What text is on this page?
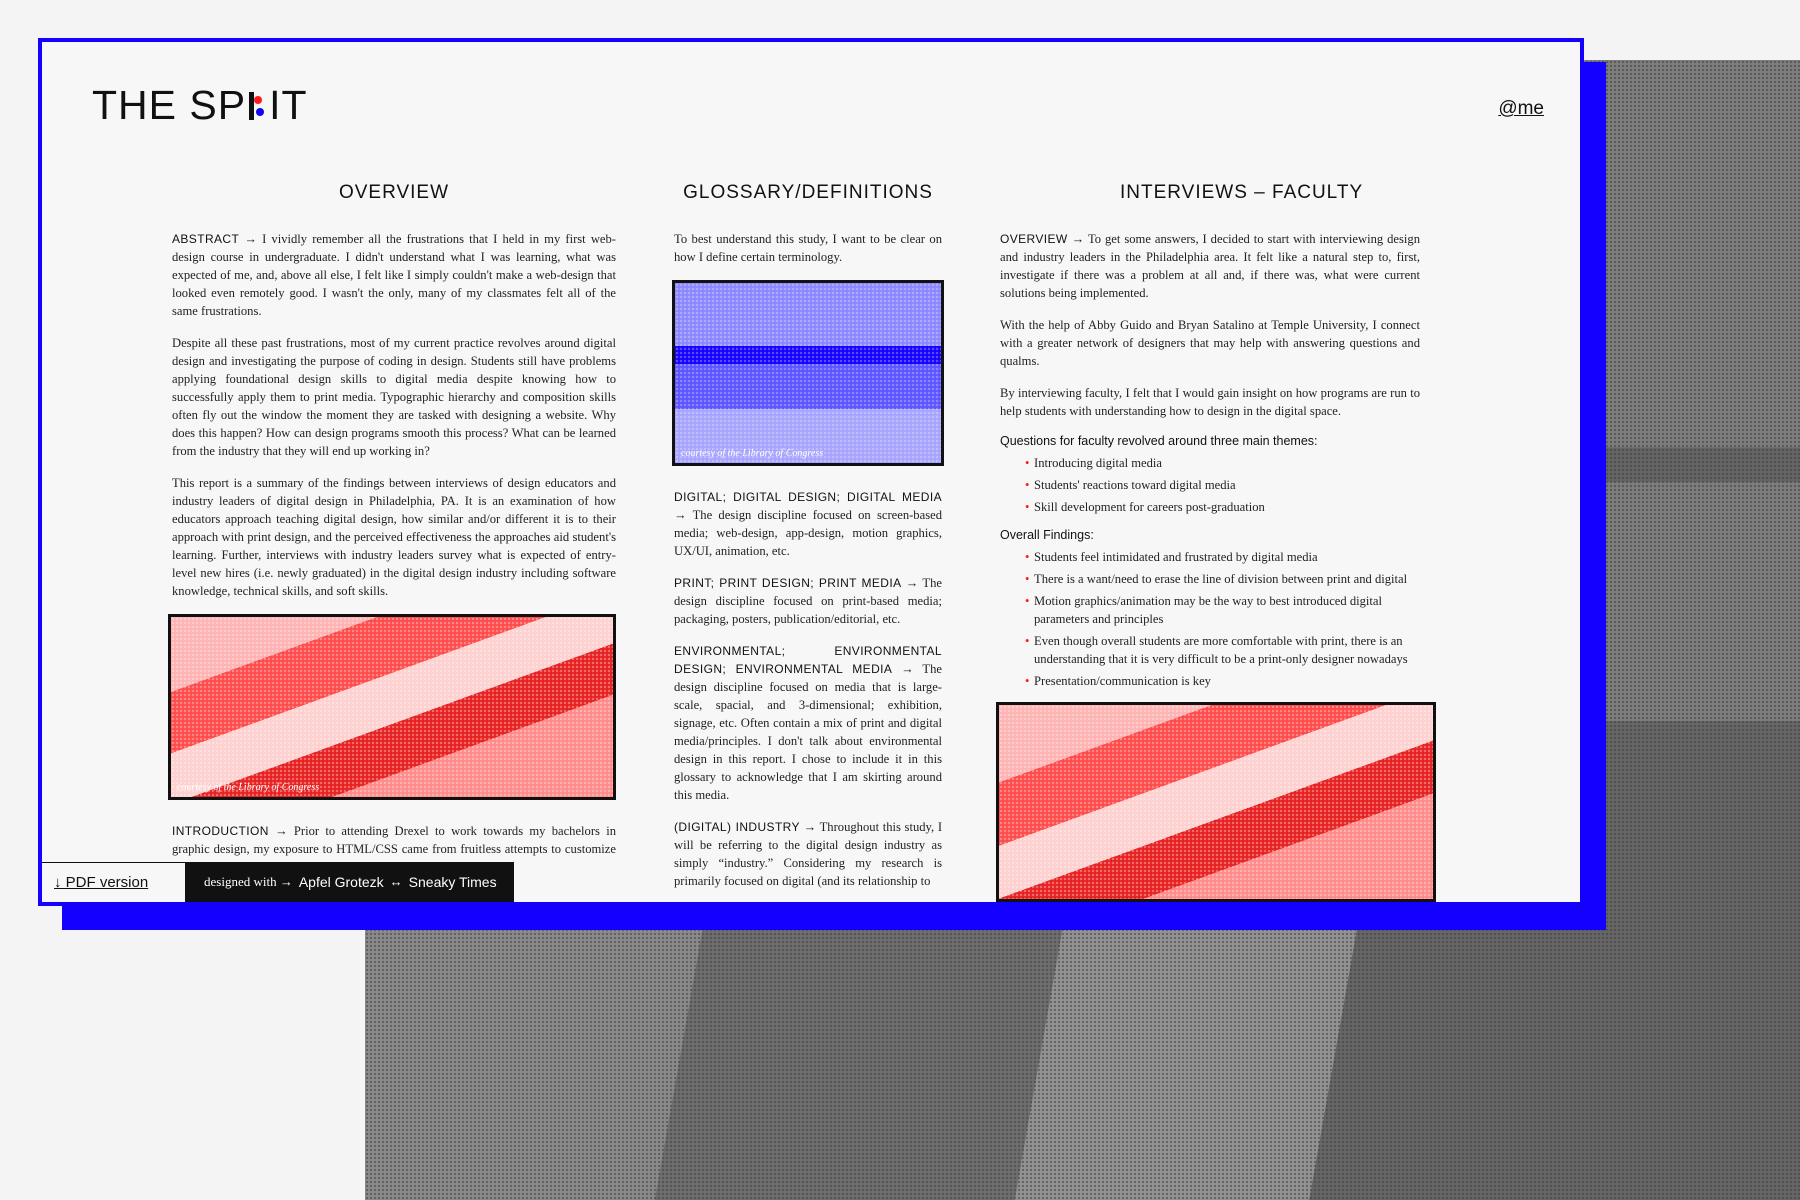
THE SP IT	@me
OVERVIEW

ABSTRACT → I vividly remember all the frustrations that I held in my first web-design course in undergraduate. I didn't understand what I was learning, what was expected of me, and, above all else, I felt like I simply couldn't make a web-design that looked even remotely good. I wasn't the only, many of my classmates felt all of the same frustrations.

Despite all these past frustrations, most of my current practice revolves around digital design and investigating the purpose of coding in design. Students still have problems applying foundational design skills to digital media despite knowing how to successfully apply them to print media. Typographic hierarchy and composition skills often fly out the window the moment they are tasked with designing a website. Why does this happen? How can design programs smooth this process? What can be learned from the industry that they will end up working in?

This report is a summary of the findings between interviews of design educators and industry leaders of digital design in Philadelphia, PA. It is an examination of how educators approach teaching digital design, how similar and/or different it is to their approach with print design, and the perceived effectiveness the approaches aid student's learning. Further, interviews with industry leaders survey what is expected of entry-level new hires (i.e. newly graduated) in the digital design industry including software knowledge, technical skills, and soft skills.

courtesy of the Library of Congress

INTRODUCTION → Prior to attending Drexel to work towards my bachelors in graphic design, my exposure to HTML/CSS came from fruitless attempts to customize

GLOSSARY/DEFINITIONS

To best understand this study, I want to be clear on how I define certain terminology.

courtesy of the Library of Congress

DIGITAL; DIGITAL DESIGN; DIGITAL MEDIA → The design discipline focused on screen-based media; web-design, app-design, motion graphics, UX/UI, animation, etc.

PRINT; PRINT DESIGN; PRINT MEDIA → The design discipline focused on print-based media; packaging, posters, publication/editorial, etc.

ENVIRONMENTAL; ENVIRONMENTAL DESIGN; ENVIRONMENTAL MEDIA → The design discipline focused on media that is large-scale, spacial, and 3-dimensional; exhibition, signage, etc. Often contain a mix of print and digital media/principles. I don't talk about environmental design in this report. I chose to include it in this glossary to acknowledge that I am skirting around this media.

(DIGITAL) INDUSTRY → Throughout this study, I will be referring to the digital design industry as simply “industry.” Considering my research is primarily focused on digital (and its relationship to

INTERVIEWS – FACULTY

OVERVIEW → To get some answers, I decided to start with interviewing design and industry leaders in the Philadelphia area. It felt like a natural step to, first, investigate if there was a problem at all and, if there was, what were current solutions being implemented.

With the help of Abby Guido and Bryan Satalino at Temple University, I connect with a greater network of designers that may help with answering questions and qualms.

By interviewing faculty, I felt that I would gain insight on how programs are run to help students with understanding how to design in the digital space.

Questions for faculty revolved around three main themes:
• Introducing digital media
• Students' reactions toward digital media
• Skill development for careers post-graduation
Overall Findings:
• Students feel intimidated and frustrated by digital media
• There is a want/need to erase the line of division between print and digital
• Motion graphics/animation may be the way to best introduced digital parameters and principles
• Even though overall students are more comfortable with print, there is an understanding that it is very difficult to be a print-only designer nowadays
• Presentation/communication is key
↓ PDF version	designed with → Apfel Grotezk ↔ Sneaky Times
